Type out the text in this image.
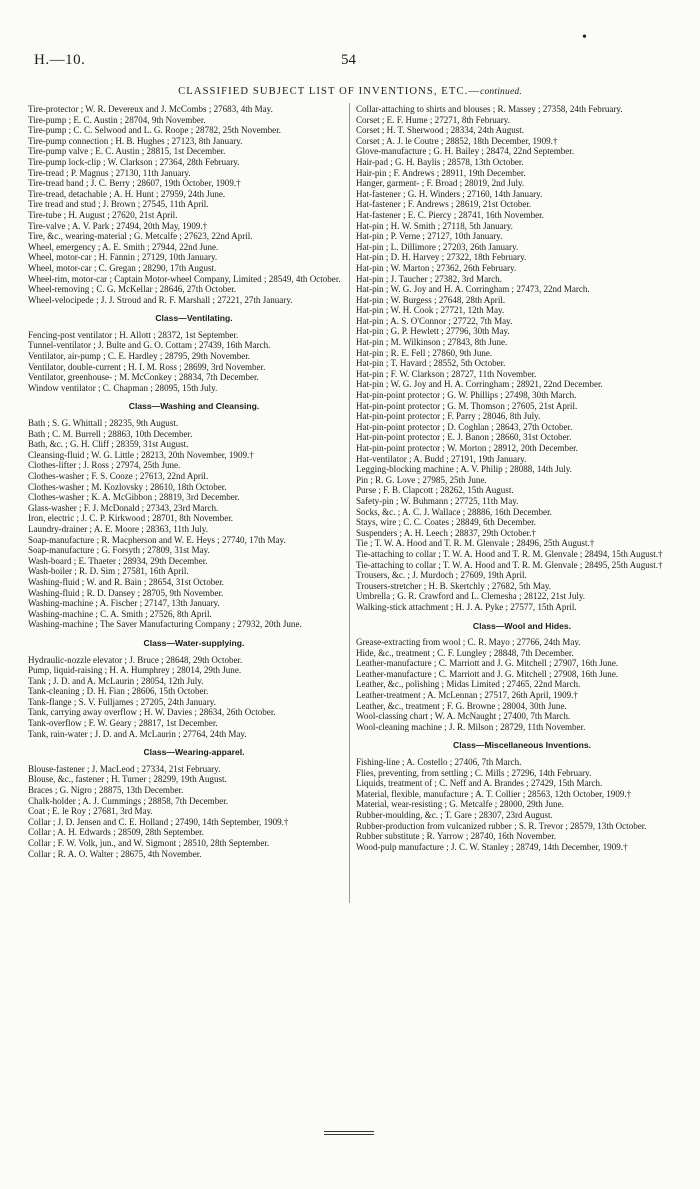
•
H.—10.	54
CLASSIFIED SUBJECT LIST OF INVENTIONS, ETC.—continued.
Tire-protector ; W. R. Devereux and J. McCombs ; 27683, 4th May.
Tire-pump ; E. C. Austin ; 28704, 9th November.
Tire-pump ; C. C. Selwood and L. G. Roope ; 28782, 25th November.
Tire-pump connection ; H. B. Hughes ; 27123, 8th January.
Tire-pump valve ; E. C. Austin ; 28815, 1st December.
Tire-pump lock-clip ; W. Clarkson ; 27364, 28th February.
Tire-tread ; P. Magnus ; 27130, 11th January.
Tire-tread band ; J. C. Berry ; 28607, 19th October, 1909.†
Tire-tread, detachable ; A. H. Hunt ; 27959, 24th June.
Tire tread and stud ; J. Brown ; 27545, 11th April.
Tire-tube ; H. August ; 27620, 21st April.
Tire-valve ; A. V. Park ; 27494, 20th May, 1909.†
Tire, &c., wearing-material ; G. Metcalfe ; 27623, 22nd April.
Wheel, emergency ; A. E. Smith ; 27944, 22nd June.
Wheel, motor-car ; H. Fannin ; 27129, 10th January.
Wheel, motor-car ; C. Gregan ; 28290, 17th August.
Wheel-rim, motor-car ; Captain Motor-wheel Company, Limited ; 28549, 4th October.
Wheel-removing ; C. G. McKellar ; 28646, 27th October.
Wheel-velocipede ; J. J. Stroud and R. F. Marshall ; 27221, 27th January.
Class—Ventilating.
Fencing-post ventilator ; H. Allott ; 28372, 1st September.
Tunnel-ventilator ; J. Bulte and G. O. Cottam ; 27439, 16th March.
Ventilator, air-pump ; C. E. Hardley ; 28795, 29th November.
Ventilator, double-current ; H. I. M. Ross ; 28699, 3rd November.
Ventilator, greenhouse- ; M. McConkey ; 28834, 7th December.
Window ventilator ; C. Chapman ; 28095, 15th July.
Class—Washing and Cleansing.
Bath ; S. G. Whittall ; 28235, 9th August.
Bath ; C. M. Burrell ; 28863, 10th December.
Bath, &c. ; G. H. Cliff ; 28359, 31st August.
Cleansing-fluid ; W. G. Little ; 28213, 20th November, 1909.†
Clothes-lifter ; J. Ross ; 27974, 25th June.
Clothes-washer ; F. S. Cooze ; 27613, 22nd April.
Clothes-washer ; M. Kozlovsky ; 28610, 18th October.
Clothes-washer ; K. A. McGibbon ; 28819, 3rd December.
Glass-washer ; F. J. McDonald ; 27343, 23rd March.
Iron, electric ; J. C. P. Kirkwood ; 28701, 8th November.
Laundry-drainer ; A. E. Moore ; 28363, 11th July.
Soap-manufacture ; R. Macpherson and W. E. Heys ; 27740, 17th May.
Soap-manufacture ; G. Forsyth ; 27809, 31st May.
Wash-board ; E. Thaeter ; 28934, 29th December.
Wash-boiler ; R. D. Sim ; 27581, 16th April.
Washing-fluid ; W. and R. Bain ; 28654, 31st October.
Washing-fluid ; R. D. Dansey ; 28705, 9th November.
Washing-machine ; A. Fischer ; 27147, 13th January.
Washing-machine ; C. A. Smith ; 27526, 8th April.
Washing-machine ; The Saver Manufacturing Company ; 27932, 20th June.
Class—Water-supplying.
Hydraulic-nozzle elevator ; J. Bruce ; 28648, 29th October.
Pump, liquid-raising ; H. A. Humphrey ; 28014, 29th June.
Tank ; J. D. and A. McLaurin ; 28054, 12th July.
Tank-cleaning ; D. H. Fian ; 28606, 15th October.
Tank-flange ; S. V. Fulljames ; 27205, 24th January.
Tank, carrying away overflow ; H. W. Davies ; 28634, 26th October.
Tank-overflow ; F. W. Geary ; 28817, 1st December.
Tank, rain-water ; J. D. and A. McLaurin ; 27764, 24th May.
Class—Wearing-apparel.
Blouse-fastener ; J. MacLeod ; 27334, 21st February.
Blouse, &c., fastener ; H. Turner ; 28299, 19th August.
Braces ; G. Nigro ; 28875, 13th December.
Chalk-holder ; A. J. Cummings ; 28858, 7th December.
Coat ; E. le Roy ; 27681, 3rd May.
Collar ; J. D. Jensen and C. E. Holland ; 27490, 14th September, 1909.†
Collar ; A. H. Edwards ; 28509, 28th September.
Collar ; F. W. Volk, jun., and W. Sigmont ; 28510, 28th September.
Collar ; R. A. O. Walter ; 28675, 4th November.
Collar-attaching to shirts and blouses ; R. Massey ; 27358, 24th February.
Corset ; E. F. Hume ; 27271, 8th February.
Corset ; H. T. Sherwood ; 28334, 24th August.
Corset ; A. J. le Coutre ; 28852, 18th December, 1909.†
Glove-manufacture ; G. H. Bailey ; 28474, 22nd September.
Hair-pad ; G. H. Baylis ; 28578, 13th October.
Hair-pin ; F. Andrews ; 28911, 19th December.
Hanger, garment- ; F. Broad ; 28019, 2nd July.
Hat-fastener ; G. H. Winders ; 27160, 14th January.
Hat-fastener ; F. Andrews ; 28619, 21st October.
Hat-fastener ; E. C. Piercy ; 28741, 16th November.
Hat-pin ; H. W. Smith ; 27118, 5th January.
Hat-pin ; P. Verne ; 27127, 10th January.
Hat-pin ; L. Dillimore ; 27203, 26th January.
Hat-pin ; D. H. Harvey ; 27322, 18th February.
Hat-pin ; W. Marton ; 27362, 26th February.
Hat-pin ; J. Taucher ; 27382, 3rd March.
Hat-pin ; W. G. Joy and H. A. Corringham ; 27473, 22nd March.
Hat-pin ; W. Burgess ; 27648, 28th April.
Hat-pin ; W. H. Cook ; 27721, 12th May.
Hat-pin ; A. S. O'Connor ; 27722, 7th May.
Hat-pin ; G. P. Hewlett ; 27796, 30th May.
Hat-pin ; M. Wilkinson ; 27843, 8th June.
Hat-pin ; R. E. Fell ; 27860, 9th June.
Hat-pin ; T. Havard ; 28552, 5th October.
Hat-pin ; F. W. Clarkson ; 28727, 11th November.
Hat-pin ; W. G. Joy and H. A. Corringham ; 28921, 22nd December.
Hat-pin-point protector ; G. W. Phillips ; 27498, 30th March.
Hat-pin-point protector ; G. M. Thomson ; 27605, 21st April.
Hat-pin-point protector ; F. Parry ; 28046, 8th July.
Hat-pin-point protector ; D. Coghlan ; 28643, 27th October.
Hat-pin-point protector ; E. J. Banon ; 28660, 31st October.
Hat-pin-point protector ; W. Morton ; 28912, 20th December.
Hat-ventilator ; A. Budd ; 27191, 19th January.
Legging-blocking machine ; A. V. Philip ; 28088, 14th July.
Pin ; R. G. Love ; 27985, 25th June.
Purse ; F. B. Clapcott ; 28262, 15th August.
Safety-pin ; W. Buhmann ; 27725, 11th May.
Socks, &c. ; A. C. J. Wallace ; 28886, 16th December.
Stays, wire ; C. C. Coates ; 28849, 6th December.
Suspenders ; A. H. Leech ; 28837, 29th October.†
Tie ; T. W. A. Hood and T. R. M. Glenvale ; 28496, 25th August.†
Tie-attaching to collar ; T. W. A. Hood and T. R. M. Glenvale ; 28494, 15th August.†
Tie-attaching to collar ; T. W. A. Hood and T. R. M. Glenvale ; 28495, 25th August.†
Trousers, &c. ; J. Murdoch ; 27609, 19th April.
Trousers-stretcher ; H. B. Skertchly ; 27682, 5th May.
Umbrella ; G. R. Crawford and L. Clemesha ; 28122, 21st July.
Walking-stick attachment ; H. J. A. Pyke ; 27577, 15th April.
Class—Wool and Hides.
Grease-extracting from wool ; C. R. Mayo ; 27766, 24th May.
Hide, &c., treatment ; C. F. Lungley ; 28848, 7th December.
Leather-manufacture ; C. Marriott and J. G. Mitchell ; 27907, 16th June.
Leather-manufacture ; C. Marriott and J. G. Mitchell ; 27908, 16th June.
Leather, &c., polishing ; Midas Limited ; 27465, 22nd March.
Leather-treatment ; A. McLennan ; 27517, 26th April, 1909.†
Leather, &c., treatment ; F. G. Browne ; 28004, 30th June.
Wool-classing chart ; W. A. McNaught ; 27400, 7th March.
Wool-cleaning machine ; J. R. Milson ; 28729, 11th November.
Class—Miscellaneous Inventions.
Fishing-line ; A. Costello ; 27406, 7th March.
Flies, preventing, from settling ; C. Mills ; 27296, 14th February.
Liquids, treatment of ; C. Neff and A. Brandes ; 27429, 15th March.
Material, flexible, manufacture ; A. T. Collier ; 28563, 12th October, 1909.†
Material, wear-resisting ; G. Metcalfe ; 28000, 29th June.
Rubber-moulding, &c. ; T. Gare ; 28307, 23rd August.
Rubber-production from vulcanized rubber ; S. R. Trevor ; 28579, 13th October.
Rubber substitute ; R. Yarrow ; 28740, 16th November.
Wood-pulp manufacture ; J. C. W. Stanley ; 28749, 14th December, 1909.†
